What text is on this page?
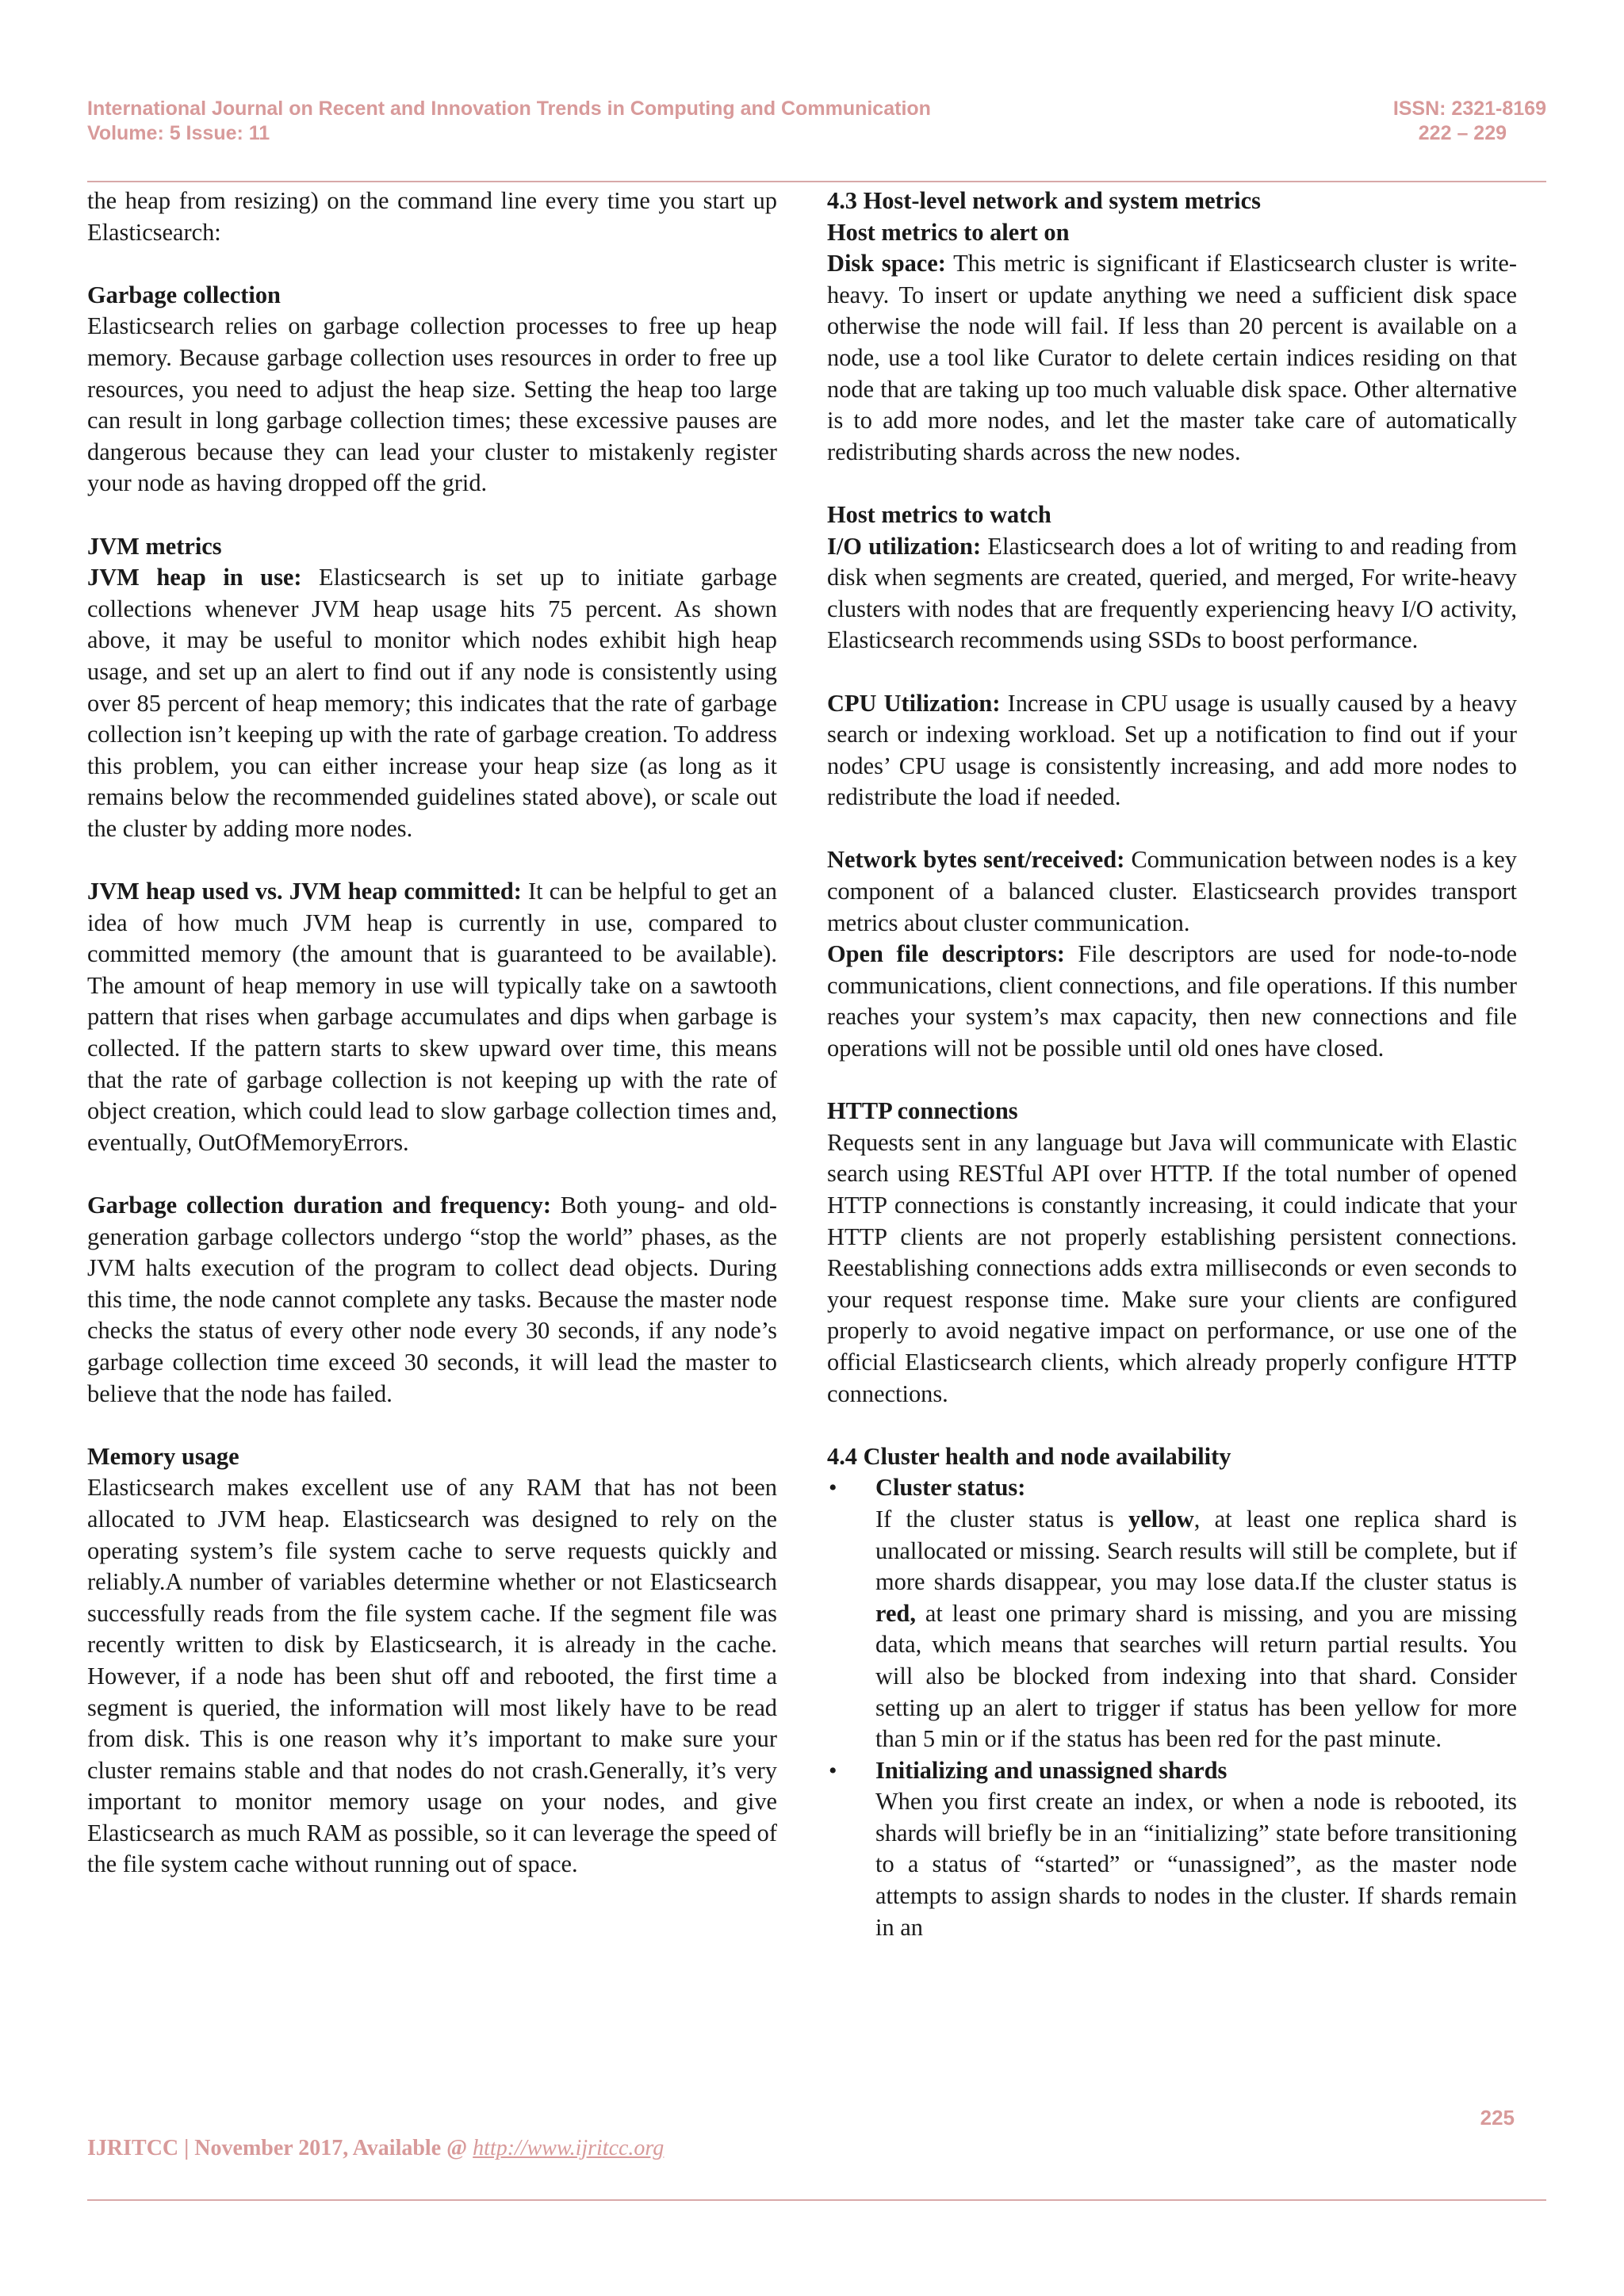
International Journal on Recent and Innovation Trends in Computing and Communication
Volume: 5 Issue: 11
ISSN: 2321-8169
222 – 229

the heap from resizing) on the command line every time you start up Elasticsearch:

Garbage collection

Elasticsearch relies on garbage collection processes to free up heap memory. Because garbage collection uses resources in order to free up resources, you need to adjust the heap size. Setting the heap too large can result in long garbage collection times; these excessive pauses are dangerous because they can lead your cluster to mistakenly register your node as having dropped off the grid.

JVM metrics

JVM heap in use: Elasticsearch is set up to initiate garbage collections whenever JVM heap usage hits 75 percent. As shown above, it may be useful to monitor which nodes exhibit high heap usage, and set up an alert to find out if any node is consistently using over 85 percent of heap memory; this indicates that the rate of garbage collection isn’t keeping up with the rate of garbage creation. To address this problem, you can either increase your heap size (as long as it remains below the recommended guidelines stated above), or scale out the cluster by adding more nodes.

JVM heap used vs. JVM heap committed: It can be helpful to get an idea of how much JVM heap is currently in use, compared to committed memory (the amount that is guaranteed to be available). The amount of heap memory in use will typically take on a sawtooth pattern that rises when garbage accumulates and dips when garbage is collected. If the pattern starts to skew upward over time, this means that the rate of garbage collection is not keeping up with the rate of object creation, which could lead to slow garbage collection times and, eventually, OutOfMemoryErrors.

Garbage collection duration and frequency: Both young- and old-generation garbage collectors undergo “stop the world” phases, as the JVM halts execution of the program to collect dead objects. During this time, the node cannot complete any tasks. Because the master node checks the status of every other node every 30 seconds, if any node’s garbage collection time exceed 30 seconds, it will lead the master to believe that the node has failed.

Memory usage

Elasticsearch makes excellent use of any RAM that has not been allocated to JVM heap. Elasticsearch was designed to rely on the operating system’s file system cache to serve requests quickly and reliably.A number of variables determine whether or not Elasticsearch successfully reads from the file system cache. If the segment file was recently written to disk by Elasticsearch, it is already in the cache. However, if a node has been shut off and rebooted, the first time a segment is queried, the information will most likely have to be read from disk. This is one reason why it’s important to make sure your cluster remains stable and that nodes do not crash.Generally, it’s very important to monitor memory usage on your nodes, and give Elasticsearch as much RAM as possible, so it can leverage the speed of the file system cache without running out of space.

4.3 Host-level network and system metrics

Host metrics to alert on

Disk space: This metric is significant if Elasticsearch cluster is write-heavy. To insert or update anything we need a sufficient disk space otherwise the node will fail. If less than 20 percent is available on a node, use a tool like Curator to delete certain indices residing on that node that are taking up too much valuable disk space. Other alternative is to add more nodes, and let the master take care of automatically redistributing shards across the new nodes.

Host metrics to watch

I/O utilization: Elasticsearch does a lot of writing to and reading from disk when segments are created, queried, and merged, For write-heavy clusters with nodes that are frequently experiencing heavy I/O activity, Elasticsearch recommends using SSDs to boost performance.

CPU Utilization: Increase in CPU usage is usually caused by a heavy search or indexing workload. Set up a notification to find out if your nodes’ CPU usage is consistently increasing, and add more nodes to redistribute the load if needed.

Network bytes sent/received: Communication between nodes is a key component of a balanced cluster. Elasticsearch provides transport metrics about cluster communication.

Open file descriptors: File descriptors are used for node-to-node communications, client connections, and file operations. If this number reaches your system’s max capacity, then new connections and file operations will not be possible until old ones have closed.

HTTP connections

Requests sent in any language but Java will communicate with Elastic search using RESTful API over HTTP. If the total number of opened HTTP connections is constantly increasing, it could indicate that your HTTP clients are not properly establishing persistent connections. Reestablishing connections adds extra milliseconds or even seconds to your request response time. Make sure your clients are configured properly to avoid negative impact on performance, or use one of the official Elasticsearch clients, which already properly configure HTTP connections.

4.4 Cluster health and node availability

• Cluster status:

If the cluster status is yellow, at least one replica shard is unallocated or missing. Search results will still be complete, but if more shards disappear, you may lose data.If the cluster status is red, at least one primary shard is missing, and you are missing data, which means that searches will return partial results. You will also be blocked from indexing into that shard. Consider setting up an alert to trigger if status has been yellow for more than 5 min or if the status has been red for the past minute.

• Initializing and unassigned shards

When you first create an index, or when a node is rebooted, its shards will briefly be in an “initializing” state before transitioning to a status of “started” or “unassigned”, as the master node attempts to assign shards to nodes in the cluster. If shards remain in an

225
IJRITCC | November 2017, Available @ http://www.ijritcc.org
